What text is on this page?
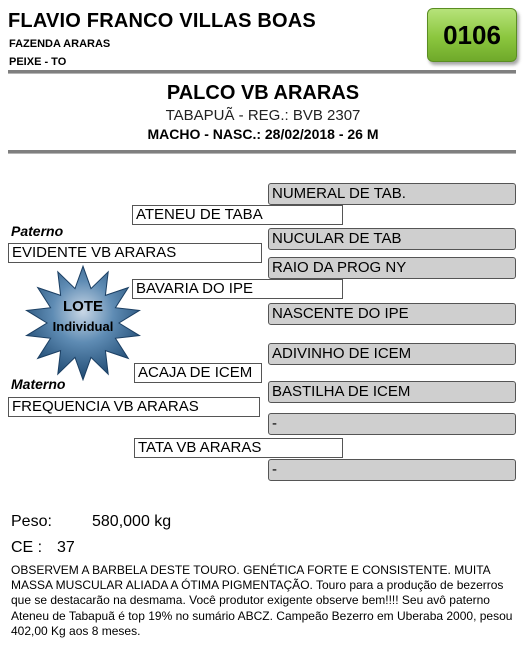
FLAVIO FRANCO VILLAS BOAS
FAZENDA ARARAS
PEIXE - TO
0106
PALCO VB ARARAS
TABAPUÃ - REG.: BVB 2307
MACHO - NASC.: 28/02/2018 - 26 M
NUMERAL DE TAB.
NUCULAR DE TAB
RAIO DA PROG NY
NASCENTE DO IPE
ADIVINHO DE ICEM
BASTILHA DE ICEM
-
-
ATENEU DE TABA
BAVARIA DO IPE
ACAJA DE ICEM
TATA VB ARARAS
Paterno
EVIDENTE VB ARARAS
Materno
FREQUENCIA VB ARARAS
LOTE
Individual
Peso:	580,000 kg
CE : 37
OBSERVEM A BARBELA DESTE TOURO. GENÉTICA FORTE E CONSISTENTE. MUITA MASSA MUSCULAR ALIADA A ÓTIMA PIGMENTAÇÃO. Touro para a produção de bezerros que se destacarão na desmama. Você produtor exigente observe bem!!!! Seu avô paterno Ateneu de Tabapuã é top 19% no sumário ABCZ. Campeão Bezerro em Uberaba 2000, pesou 402,00 Kg aos 8 meses.
